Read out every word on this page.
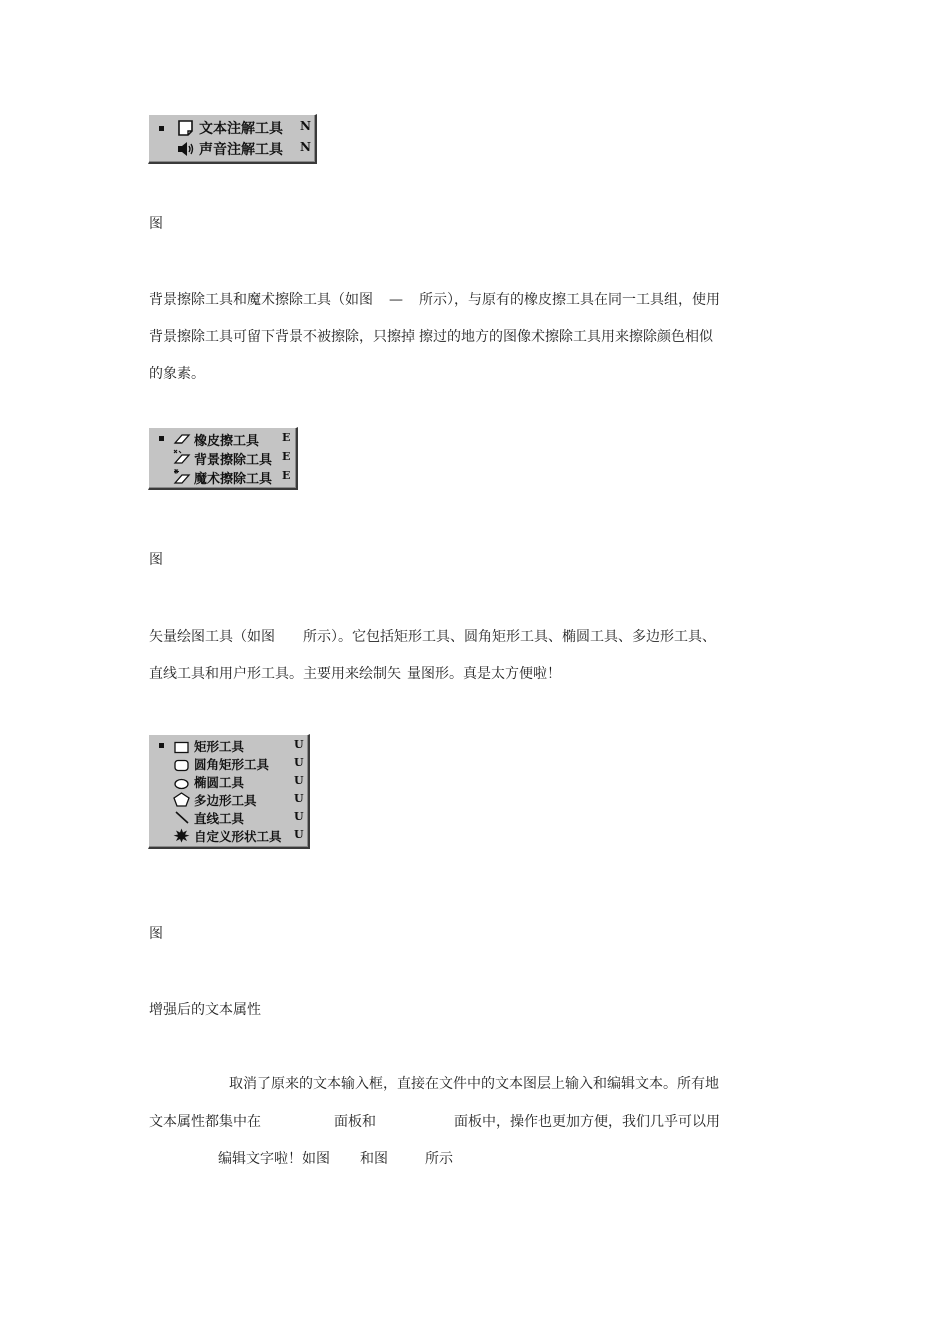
文本注解工具 N
声音注解工具 N
图
背景擦除工具和魔术擦除工具（如图 — 所示），与原有的橡皮擦工具在同一工具组，使用
背景擦除工具可留下背景不被擦除，只擦掉 擦过的地方的图像术擦除工具用来擦除颜色相似
的象素。
橡皮擦工具 E
背景擦除工具 E
魔术擦除工具 E
图
矢量绘图工具（如图 所示）。它包括矩形工具、圆角矩形工具、椭圆工具、多边形工具、
直线工具和用户形工具。主要用来绘制矢 量图形。真是太方便啦！
矩形工具	U
圆角矩形工具 U
椭圆工具	U
多边形工具	U
直线工具	U
自定义形状工具 U
图
增强后的文本属性
取消了原来的文本输入框，直接在文件中的文本图层上输入和编辑文本。所有地
文本属性都集中在	面板和	面板中，操作也更加方便，我们几乎可以用
编辑文字啦！如图 和图	所示
